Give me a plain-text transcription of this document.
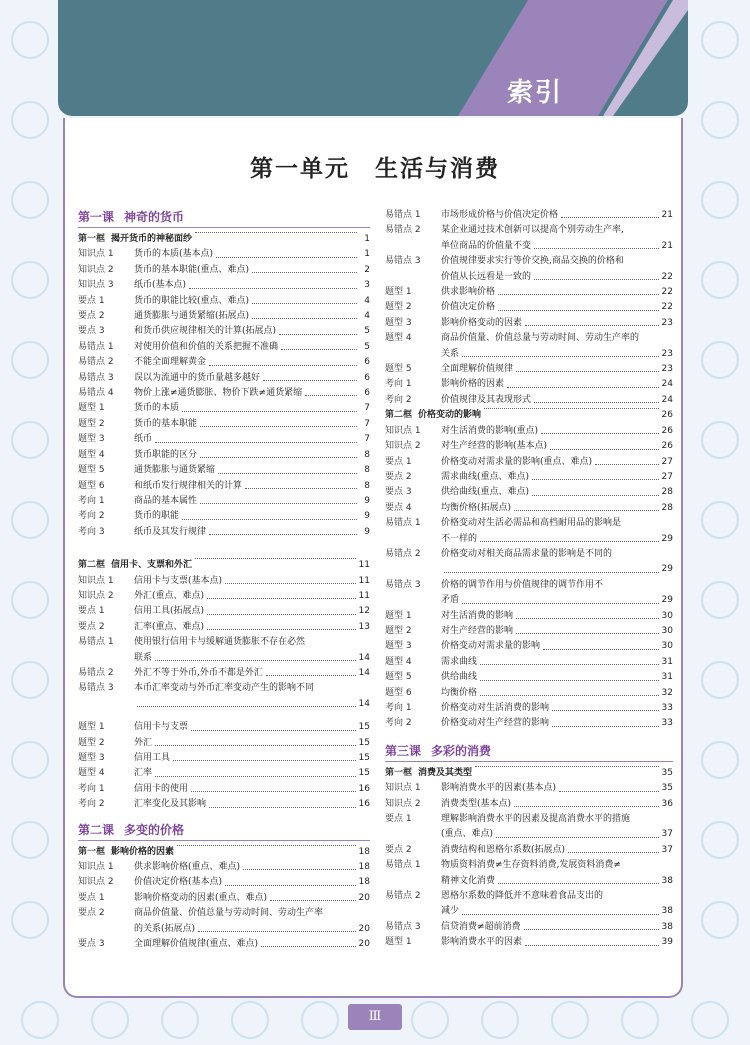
索引
第一单元　生活与消费
第一课 神奇的货币
第一框 揭开货币的神秘面纱	1
知识点 1	货币的本质(基本点)	1
知识点 2	货币的基本职能(重点、难点)	2
知识点 3	纸币(基本点)	3
要点 1	货币的职能比较(重点、难点)	4
要点 2	通货膨胀与通货紧缩(拓展点)	4
要点 3	和货币供应规律相关的计算(拓展点)	5
易错点 1	对使用价值和价值的关系把握不准确	5
易错点 2	不能全面理解黄金	6
易错点 3	误以为流通中的货币量越多越好	6
易错点 4	物价上涨≠通货膨胀、物价下跌≠通货紧缩	6
题型 1	货币的本质	7
题型 2	货币的基本职能	7
题型 3	纸币	7
题型 4	货币职能的区分	8
题型 5	通货膨胀与通货紧缩	8
题型 6	和纸币发行规律相关的计算	8
考向 1	商品的基本属性	9
考向 2	货币的职能	9
考向 3	纸币及其发行规律	9
第二框 信用卡、支票和外汇	11
知识点 1	信用卡与支票(基本点)	11
知识点 2	外汇(重点、难点)	11
要点 1	信用工具(拓展点)	12
要点 2	汇率(重点、难点)	13
易错点 1	使用银行信用卡与缓解通货膨胀不存在必然
联系	14
易错点 2	外汇不等于外币,外币不都是外汇	14
易错点 3	本币汇率变动与外币汇率变动产生的影响不同
14
题型 1	信用卡与支票	15
题型 2	外汇	15
题型 3	信用工具	15
题型 4	汇率	15
考向 1	信用卡的使用	16
考向 2	汇率变化及其影响	16
第二课 多变的价格
第一框 影响价格的因素	18
知识点 1	供求影响价格(重点、难点)	18
知识点 2	价值决定价格(基本点)	18
要点 1	影响价格变动的因素(重点、难点)	20
要点 2	商品价值量、价值总量与劳动时间、劳动生产率
的关系(拓展点)	20
要点 3	全面理解价值规律(重点、难点)	20
易错点 1	市场形成价格与价值决定价格	21
易错点 2	某企业通过技术创新可以提高个别劳动生产率,
单位商品的价值量不变	21
易错点 3	价值规律要求实行等价交换,商品交换的价格和
价值从长远看是一致的	22
题型 1	供求影响价格	22
题型 2	价值决定价格	22
题型 3	影响价格变动的因素	23
题型 4	商品价值量、价值总量与劳动时间、劳动生产率的
关系	23
题型 5	全面理解价值规律	23
考向 1	影响价格的因素	24
考向 2	价值规律及其表现形式	24
第二框 价格变动的影响	26
知识点 1	对生活消费的影响(重点)	26
知识点 2	对生产经营的影响(基本点)	26
要点 1	价格变动对需求量的影响(重点、难点)	27
要点 2	需求曲线(重点、难点)	27
要点 3	供给曲线(重点、难点)	28
要点 4	均衡价格(拓展点)	28
易错点 1	价格变动对生活必需品和高档耐用品的影响是
不一样的	29
易错点 2	价格变动对相关商品需求量的影响是不同的
29
易错点 3	价格的调节作用与价值规律的调节作用不
矛盾	29
题型 1	对生活消费的影响	30
题型 2	对生产经营的影响	30
题型 3	价格变动对需求量的影响	30
题型 4	需求曲线	31
题型 5	供给曲线	31
题型 6	均衡价格	32
考向 1	价格变动对生活消费的影响	33
考向 2	价格变动对生产经营的影响	33
第三课 多彩的消费
第一框 消费及其类型	35
知识点 1	影响消费水平的因素(基本点)	35
知识点 2	消费类型(基本点)	36
要点 1	理解影响消费水平的因素及提高消费水平的措施
(重点、难点)	37
要点 2	消费结构和恩格尔系数(拓展点)	37
易错点 1	物质资料消费≠生存资料消费,发展资料消费≠
精神文化消费	38
易错点 2	恩格尔系数的降低并不意味着食品支出的
减少	38
易错点 3	信贷消费≠超前消费	38
题型 1	影响消费水平的因素	39
Ⅲ
